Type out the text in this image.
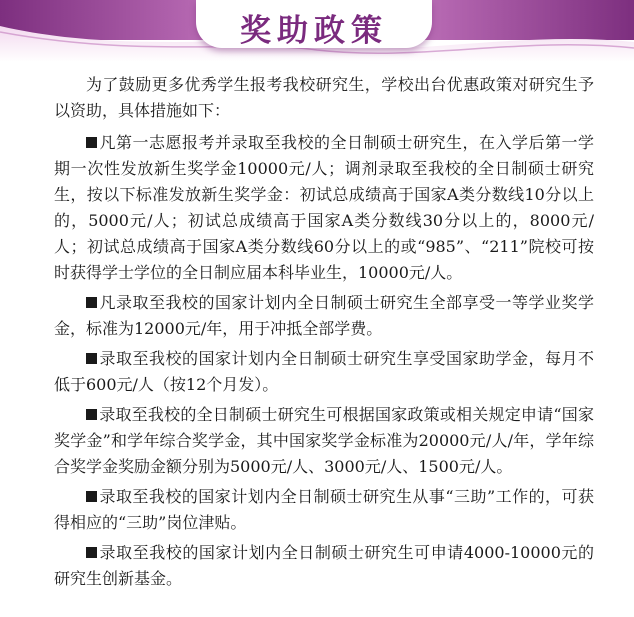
奖助政策

为了鼓励更多优秀学生报考我校研究生，学校出台优惠政策对研究生予以资助，具体措施如下：

凡第一志愿报考并录取至我校的全日制硕士研究生，在入学后第一学期一次性发放新生奖学金10000元/人；调剂录取至我校的全日制硕士研究生，按以下标准发放新生奖学金：初试总成绩高于国家A类分数线10分以上的，5000元/人；初试总成绩高于国家A类分数线30分以上的，8000元/人；初试总成绩高于国家A类分数线60分以上的或“985”、“211”院校可按时获得学士学位的全日制应届本科毕业生，10000元/人。

凡录取至我校的国家计划内全日制硕士研究生全部享受一等学业奖学金，标准为12000元/年，用于冲抵全部学费。

录取至我校的国家计划内全日制硕士研究生享受国家助学金，每月不低于600元/人（按12个月发）。

录取至我校的全日制硕士研究生可根据国家政策或相关规定申请“国家奖学金”和学年综合奖学金，其中国家奖学金标准为20000元/人/年，学年综合奖学金奖励金额分别为5000元/人、3000元/人、1500元/人。

录取至我校的国家计划内全日制硕士研究生从事“三助”工作的，可获得相应的“三助”岗位津贴。

录取至我校的国家计划内全日制硕士研究生可申请4000-10000元的研究生创新基金。
